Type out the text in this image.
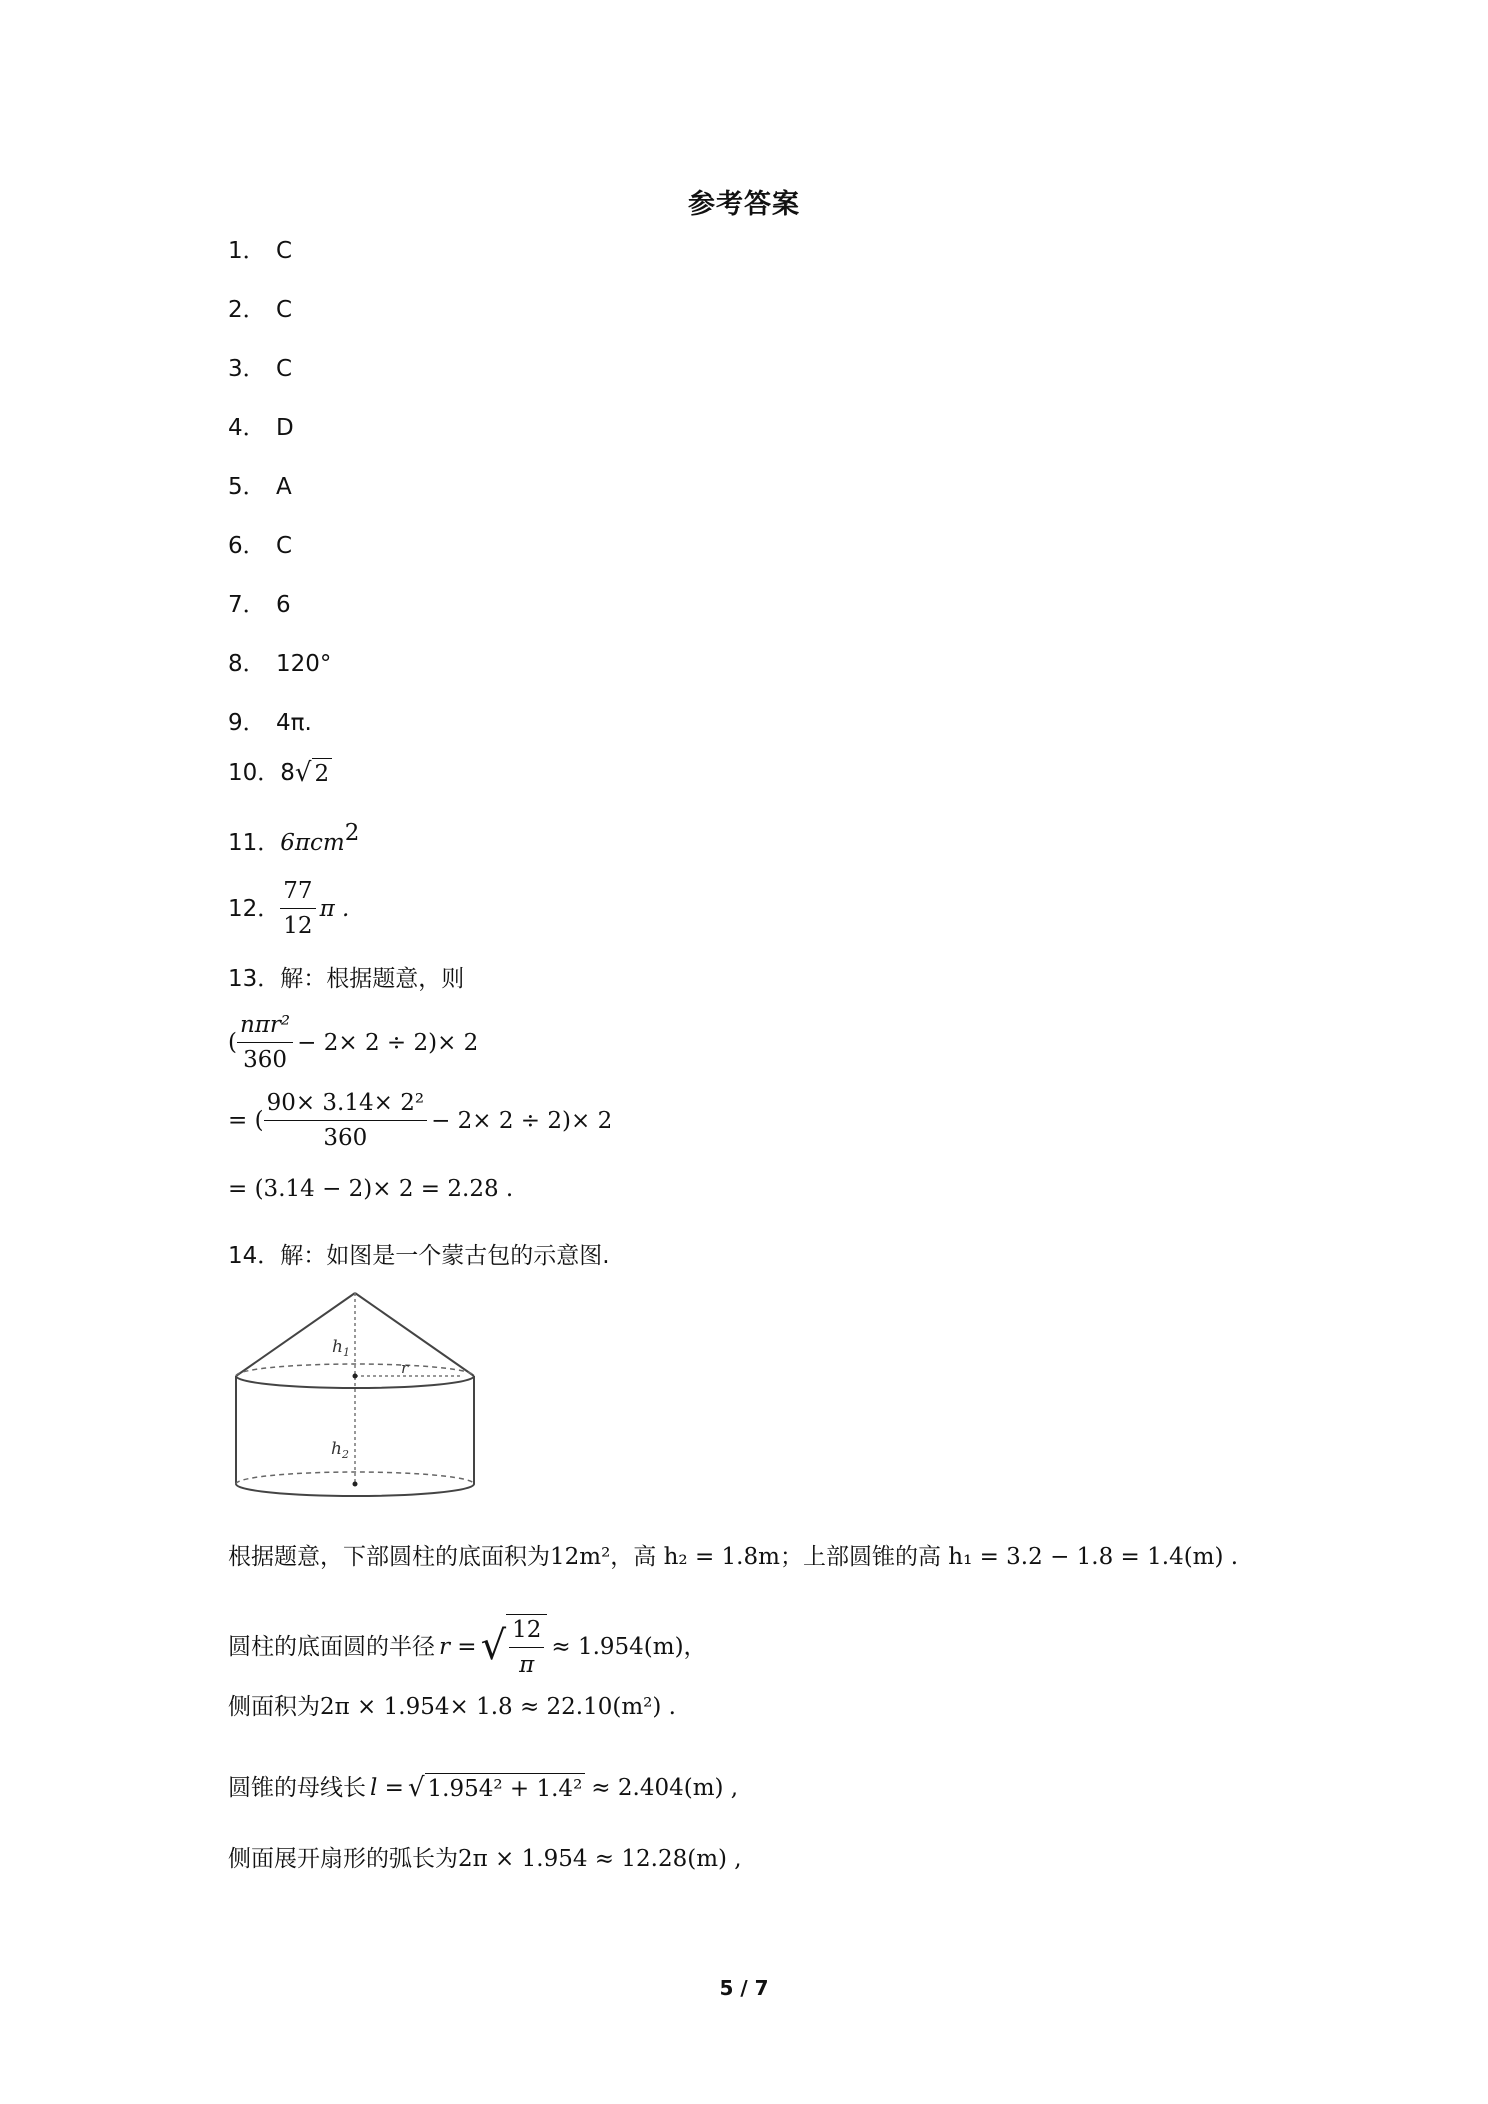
参考答案
1． C
2． C
3． C
4． D
5． A
6． C
7． 6
8． 120°
9． 4π.
10．8 √ 2
11．6πcm$^2$
12． $\frac{77}{12}$ π .
13．解：根据题意，则
( $\frac{\text{nπr²}}{360} - 2\times 2 \div 2)\times 2$
= ( $\frac{\text{90× 3.14× 2²}}{360} - 2\times 2 \div 2)\times 2$
= (3.14 − 2)× 2 = 2.28 .
14．解：如图是一个蒙古包的示意图.
$h_1$
r
$h_2$
根据题意，下部圆柱的底面积为12m²，高 h₂ = 1.8m；上部圆锥的高 h₁ = 3.2 − 1.8 = 1.4(m) .
圆柱的底面圆的半径 r = √ $\frac{12}{\pi} \approx 1.954(m)$，
侧面积为2π × 1.954× 1.8 ≈ 22.10(m²) .
圆锥的母线长 l = √ 1.954² + 1.4² ≈ 2.404(m) ,
侧面展开扇形的弧长为2π × 1.954 ≈ 12.28(m) ,
5 / 7
